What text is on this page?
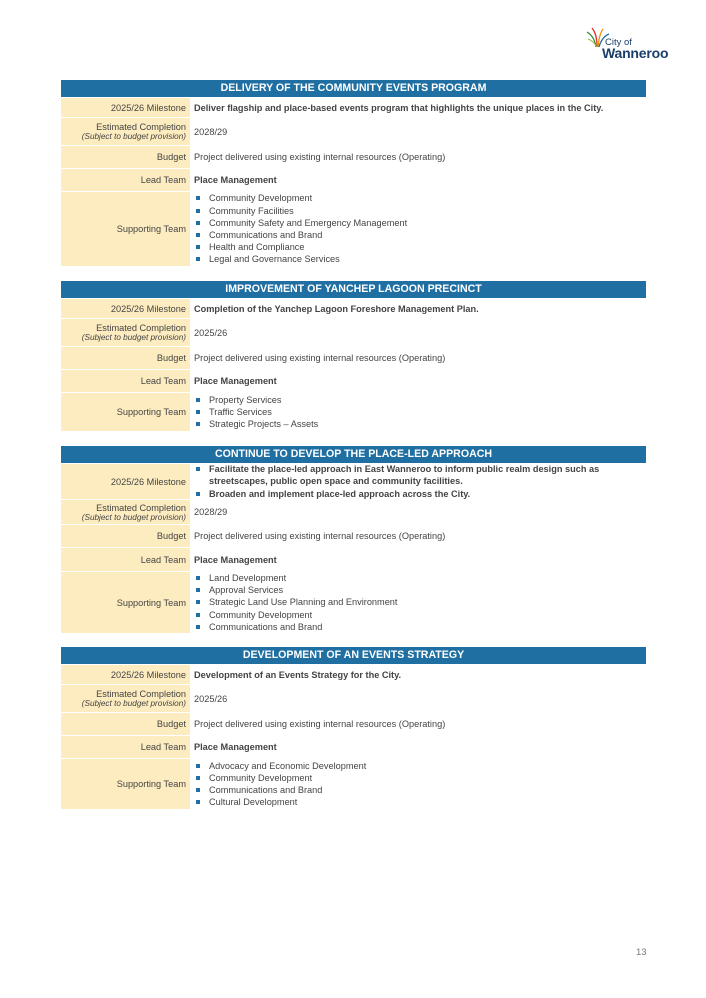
City of
Wanneroo
DELIVERY OF THE COMMUNITY EVENTS PROGRAM
2025/26 Milestone Deliver flagship and place-based events program that highlights the unique places in the City.
Estimated Completion
(Subject to budget provision) 2028/29
Budget Project delivered using existing internal resources (Operating)
Lead Team Place Management
Supporting Team
Community Development
Community Facilities
Community Safety and Emergency Management
Communications and Brand
Health and Compliance
Legal and Governance Services
IMPROVEMENT OF YANCHEP LAGOON PRECINCT
2025/26 Milestone Completion of the Yanchep Lagoon Foreshore Management Plan.
Estimated Completion
(Subject to budget provision) 2025/26
Budget Project delivered using existing internal resources (Operating)
Lead Team Place Management
Supporting Team
Property Services
Traffic Services
Strategic Projects – Assets
CONTINUE TO DEVELOP THE PLACE-LED APPROACH
2025/26 Milestone
Facilitate the place-led approach in East Wanneroo to inform public realm design such as streetscapes, public open space and community facilities.
Broaden and implement place-led approach across the City.
Estimated Completion
(Subject to budget provision) 2028/29
Budget Project delivered using existing internal resources (Operating)
Lead Team Place Management
Supporting Team
Land Development
Approval Services
Strategic Land Use Planning and Environment
Community Development
Communications and Brand
DEVELOPMENT OF AN EVENTS STRATEGY
2025/26 Milestone Development of an Events Strategy for the City.
Estimated Completion
(Subject to budget provision) 2025/26
Budget Project delivered using existing internal resources (Operating)
Lead Team Place Management
Supporting Team
Advocacy and Economic Development
Community Development
Communications and Brand
Cultural Development
13
